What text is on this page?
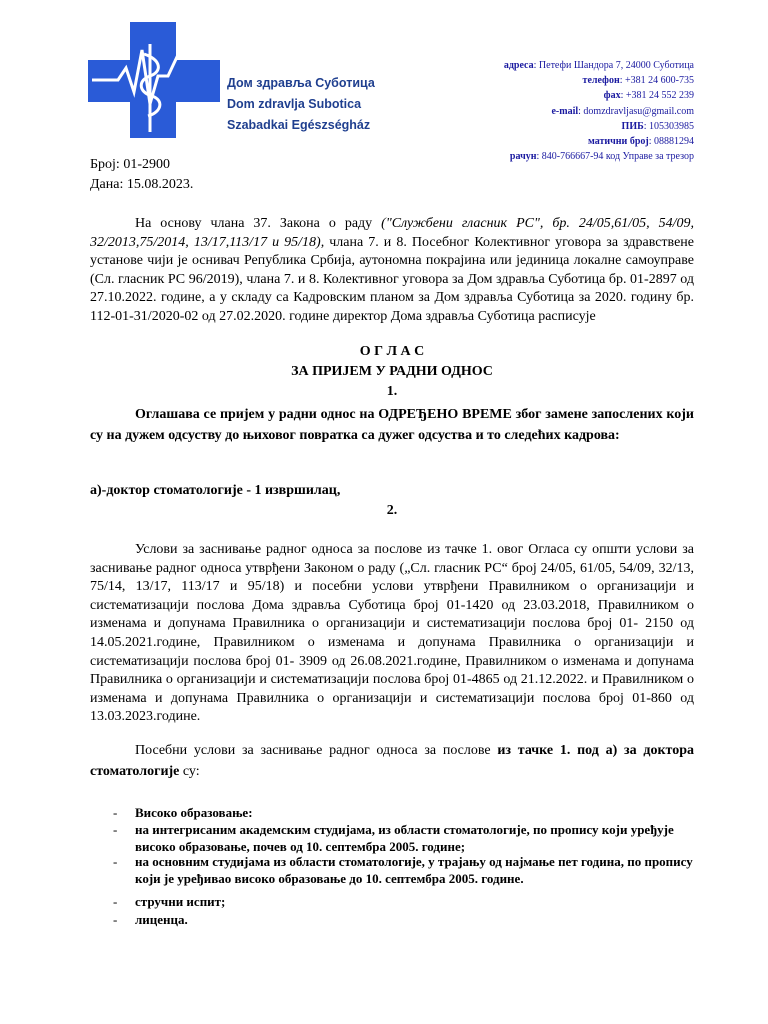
Дом здравља Суботица
Dom zdravlja Subotica
Szabadkai Egészségház
адреса: Петефи Шандора 7, 24000 Суботица
телефон: +381 24 600-735
фах: +381 24 552 239
e-mail: domzdravljasu@gmail.com
ПИБ: 105303985
матични број: 08881294
рачун: 840-766667-94 код Управе за трезор
Број: 01-2900
Дана: 15.08.2023.
На основу члана 37. Закона о раду ("Службени гласник РС", бр. 24/05,61/05, 54/09, 32/2013,75/2014, 13/17,113/17 и 95/18), члана 7. и 8. Посебног Колективног уговора за здравствене установе чији је оснивач Република Србија, аутономна покрајина или јединица локалне самоуправе (Сл. гласник РС 96/2019), члана 7. и 8. Колективног уговора за Дом здравља Суботица бр. 01-2897 од 27.10.2022. године, а у складу са Кадровским планом за Дом здравља Суботица за 2020. годину бр. 112-01-31/2020-02 од 27.02.2020. године директор Дома здравља Суботица расписује
О Г Л А С
ЗА ПРИЈЕМ У РАДНИ ОДНОС
1.
Оглашава се пријем у радни однос на ОДРЕЂЕНО ВРЕМЕ због замене запослених који су на дужем одсуству до њиховог повратка са дужег одсуства и то следећих кадрова:
а)-доктор стоматологије - 1 извршилац,
2.
Услови за заснивање радног односа за послове из тачке 1. овог Огласа су општи услови за заснивање радног односа утврђени Законом о раду („Сл. гласник РС“ број 24/05, 61/05, 54/09, 32/13, 75/14, 13/17, 113/17 и 95/18) и посебни услови утврђени Правилником о организацији и систематизацији послова Дома здравља Суботица број 01-1420 од 23.03.2018, Правилником о изменама и допунама Правилника о организацији и систематизацији послова број 01- 2150 од 14.05.2021.године, Правилником о изменама и допунама Правилника о организацији и систематизацији послова број 01- 3909 од 26.08.2021.године, Правилником о изменама и допунама Правилника о организацији и систематизацији послова број 01-4865 од 21.12.2022. и Правилником о изменама и допунама Правилника о организацији и систематизацији послова број 01-860 од 13.03.2023.године.
Посебни услови за заснивање радног односа за послове из тачке 1. под а) за доктора стоматологије су:
- Високо образовање:
- на интегрисаним академским студијама, из области стоматологије, по пропису који уређује високо образовање, почев од 10. септембра 2005. године;
- на основним студијама из области стоматологије, у трајању од најмање пет година, по пропису који је уређивао високо образовање до 10. септембра 2005. године.
- стручни испит;
- лиценца.
